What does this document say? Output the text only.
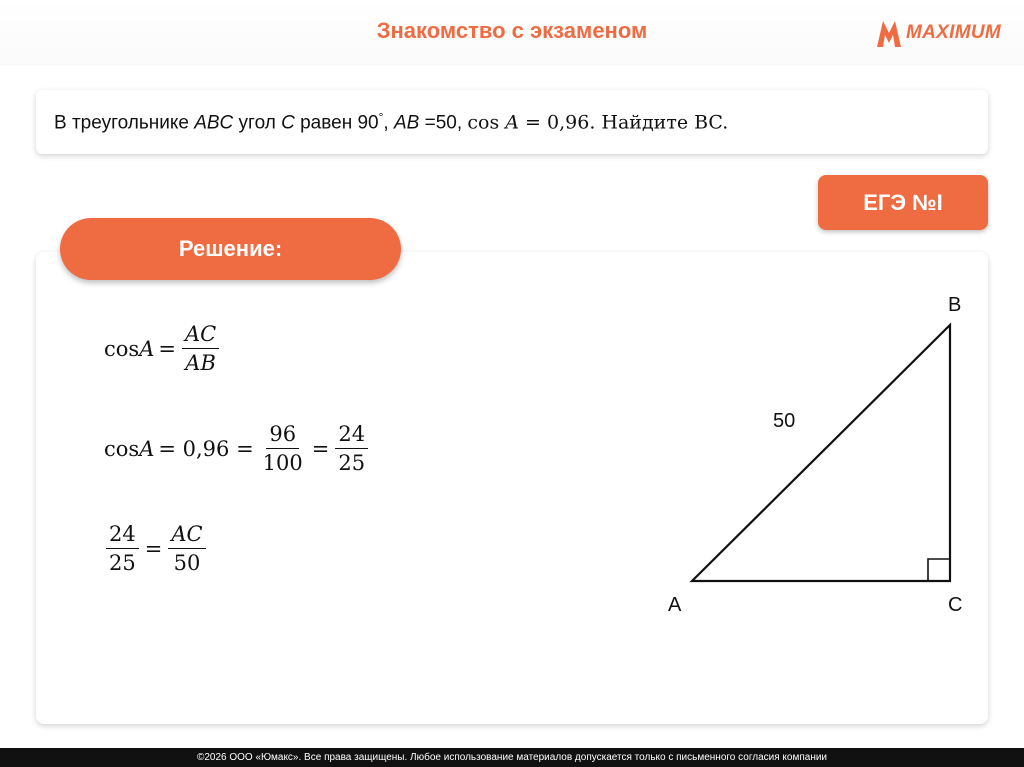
Знакомство с экзаменом	MAXIMUM
В треугольнике ABC угол C равен 90°, AB =50, cos A = 0,96. Найдите BC.
ЕГЭ №I
Решение:
$\cos A = \frac{AC}{AB}$
$\cos A = 0,96 = \frac{96}{100} = \frac{24}{25}$
$\frac{24}{25} = \frac{AC}{50}$
A
B
C
50
©2026 ООО «Юмакс». Все права защищены. Любое использование материалов допускается только с письменного согласия компании
